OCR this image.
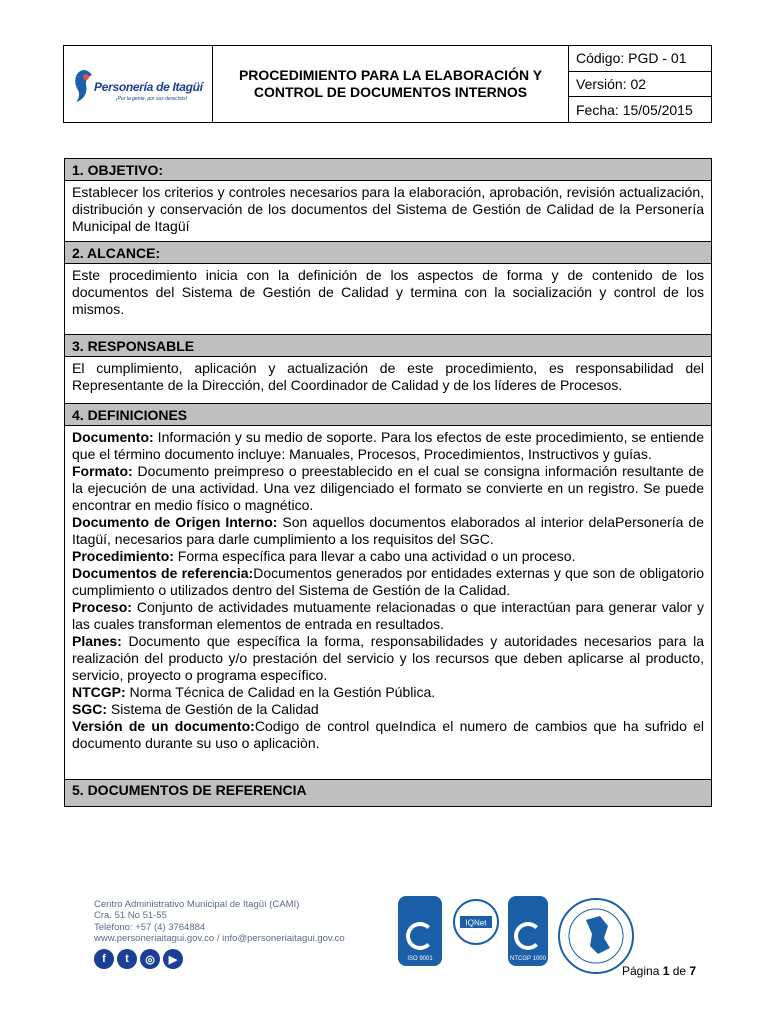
Personería de Itagüí
¡Por la gente, por sus derechos!
PROCEDIMIENTO PARA LA ELABORACIÓN Y
CONTROL DE DOCUMENTOS INTERNOS
Código: PGD - 01
Versión: 02
Fecha: 15/05/2015
1. OBJETIVO:

Establecer los criterios y controles necesarios para la elaboración, aprobación, revisión actualización, distribución y conservación de los documentos del Sistema de Gestión de Calidad de la Personería Municipal de Itagüí

2. ALCANCE:

Este procedimiento inicia con la definición de los aspectos de forma y de contenido de los documentos del Sistema de Gestión de Calidad y termina con la socialización y control de los mismos.

3. RESPONSABLE

El cumplimiento, aplicación y actualización de este procedimiento, es responsabilidad del Representante de la Dirección, del Coordinador de Calidad y de los líderes de Procesos.

4. DEFINICIONES

Documento: Información y su medio de soporte. Para los efectos de este procedimiento, se entiende que el término documento incluye: Manuales, Procesos, Procedimientos, Instructivos y guías.

Formato: Documento preimpreso o preestablecido en el cual se consigna información resultante de la ejecución de una actividad. Una vez diligenciado el formato se convierte en un registro. Se puede encontrar en medio físico o magnético.

Documento de Origen Interno: Son aquellos documentos elaborados al interior delaPersonería de Itagüí, necesarios para darle cumplimiento a los requisitos del SGC.

Procedimiento: Forma específica para llevar a cabo una actividad o un proceso.

Documentos de referencia:Documentos generados por entidades externas y que son de obligatorio cumplimiento o utilizados dentro del Sistema de Gestión de la Calidad.

Proceso: Conjunto de actividades mutuamente relacionadas o que interactúan para generar valor y las cuales transforman elementos de entrada en resultados.

Planes: Documento que específica la forma, responsabilidades y autoridades necesarios para la realización del producto y/o prestación del servicio y los recursos que deben aplicarse al producto, servicio, proyecto o programa específico.

NTCGP: Norma Técnica de Calidad en la Gestión Pública.

SGC: Sistema de Gestión de la Calidad

Versión de un documento:Codigo de control queIndica el numero de cambios que ha sufrido el documento durante su uso o aplicaciòn.

5. DOCUMENTOS DE REFERENCIA
Centro Administrativo Municipal de Itagüí (CAMI)
Cra. 51 No 51-55
Teléfono: +57 (4) 3764884
www.personeriaitagui.gov.co / info@personeriaitagui.gov.co
f	t	◎	▶	ISO 9001
IQNet
NTCGP 1000
Página 1 de 7
